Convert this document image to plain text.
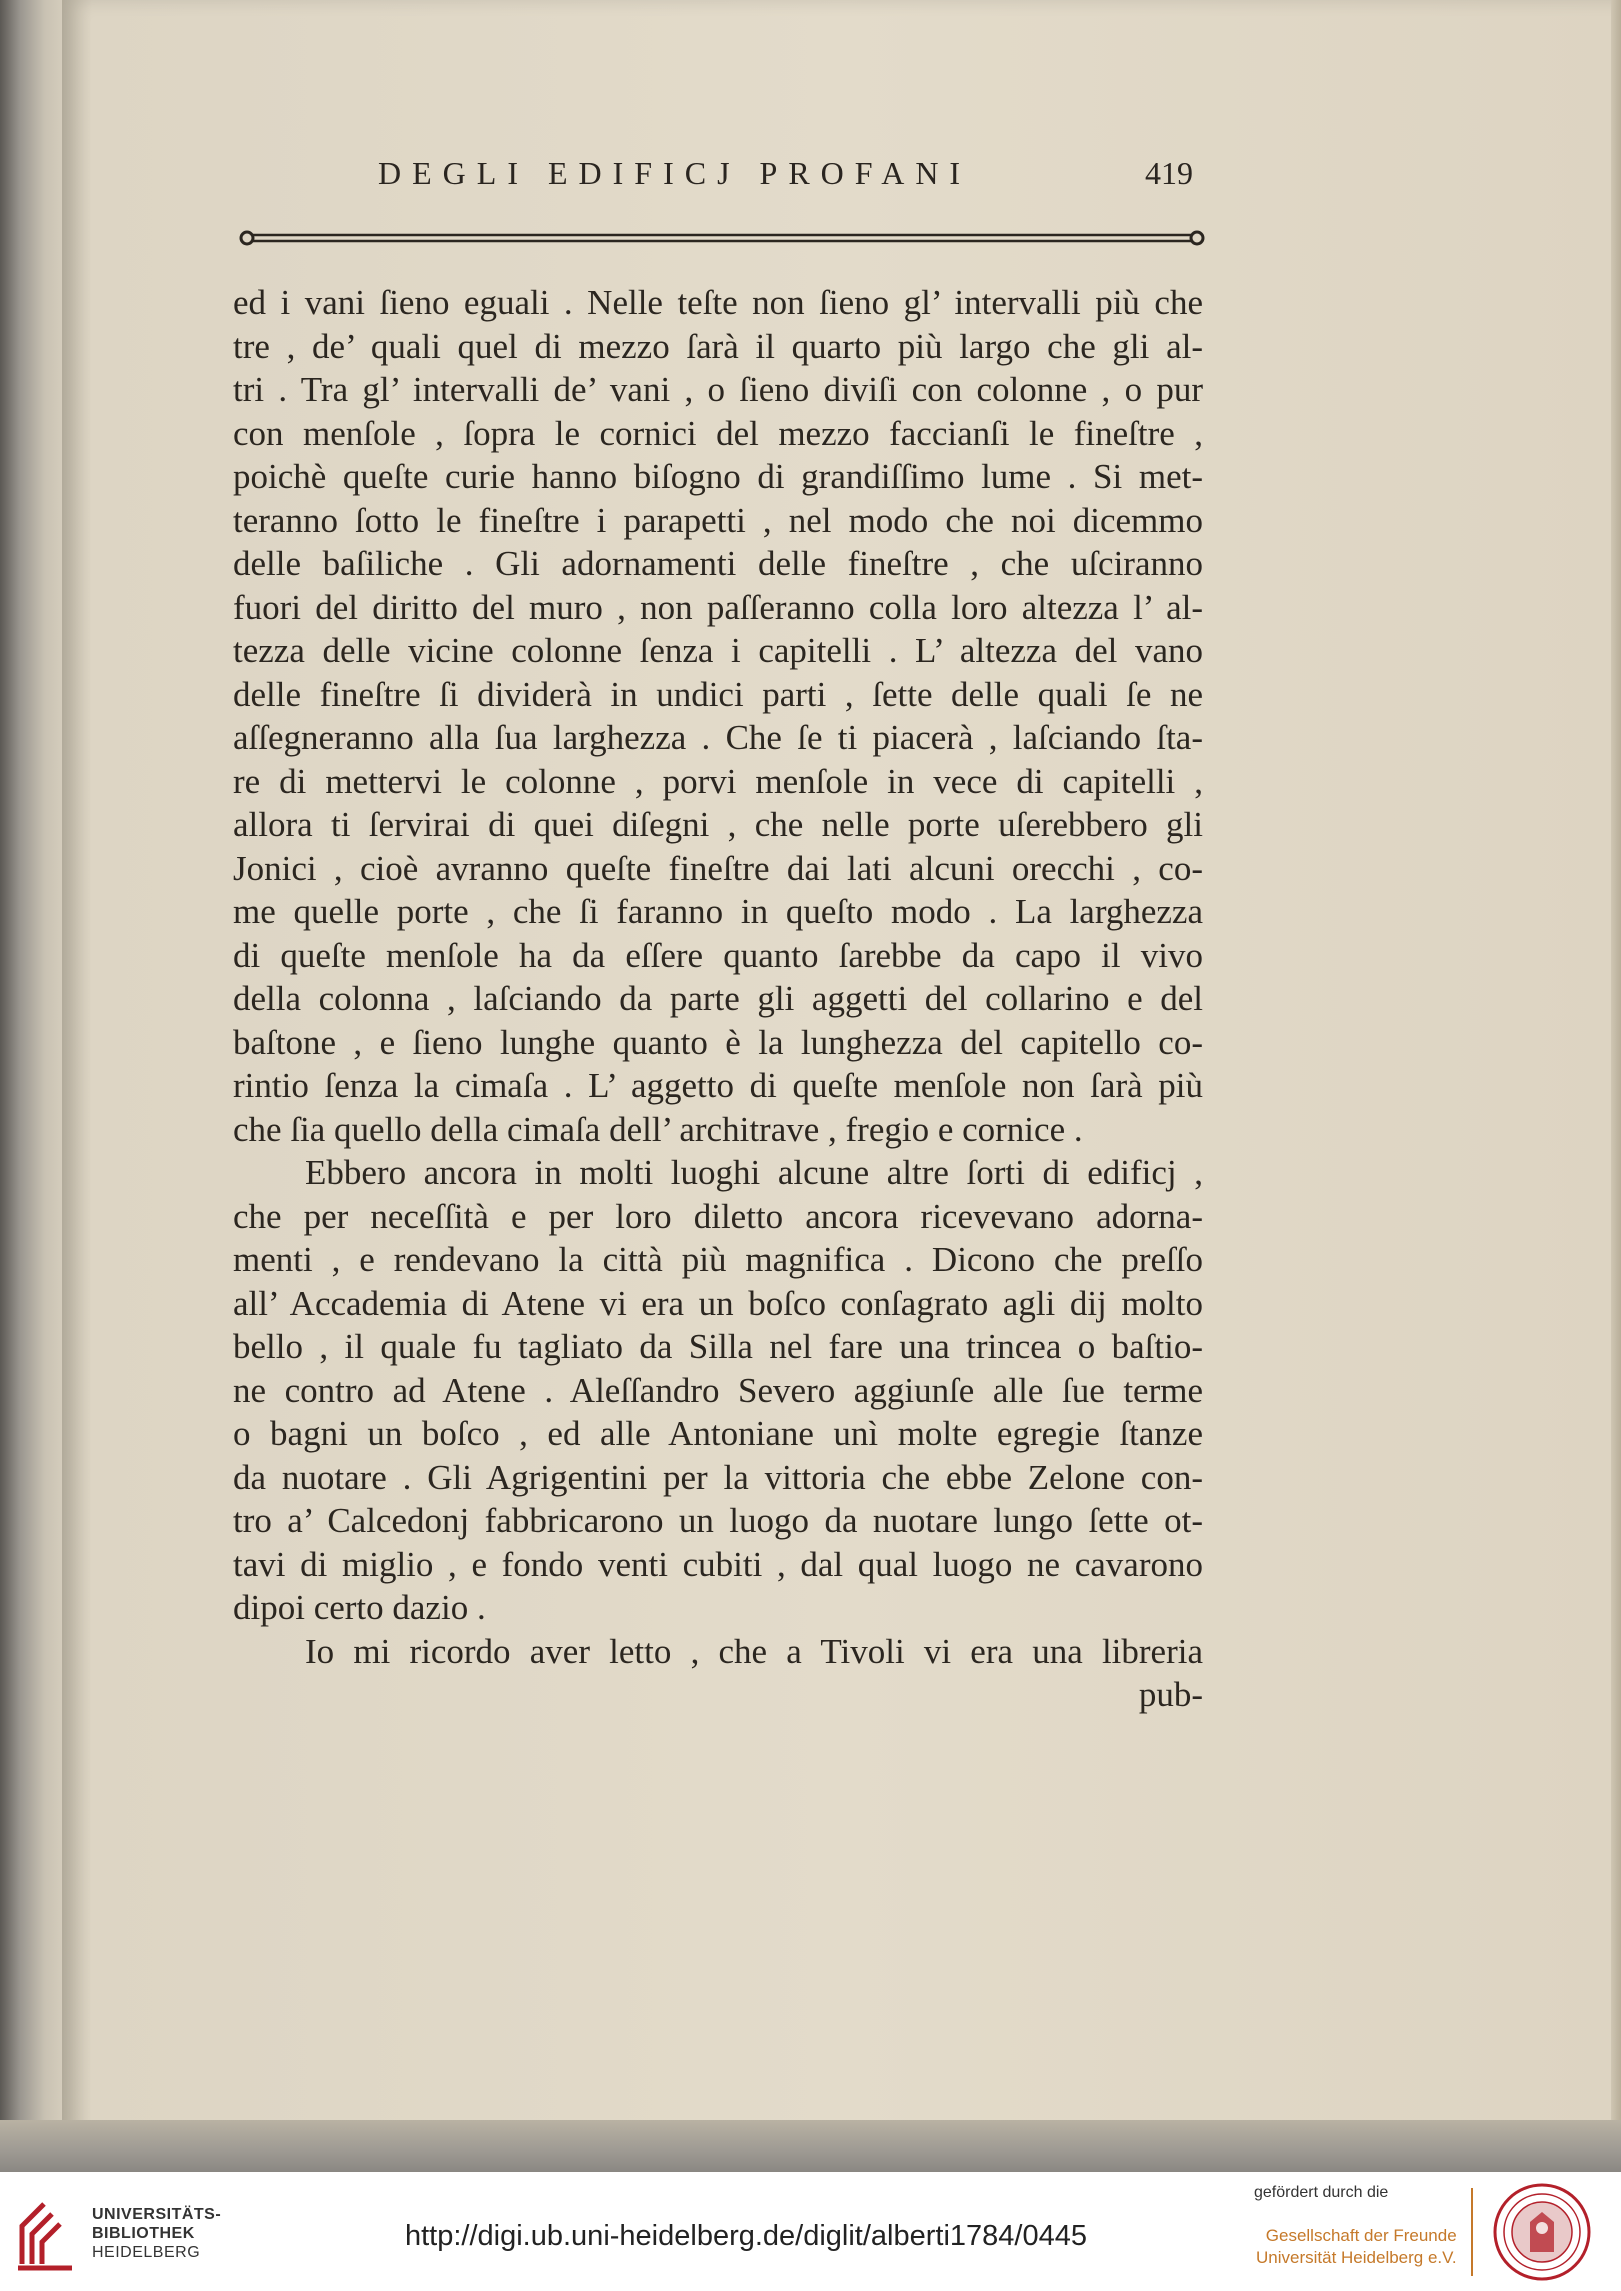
DEGLI EDIFICJ PROFANI	419
ed i vani ſieno eguali . Nelle teſte non ſieno gl’ intervalli più che
tre , de’ quali quel di mezzo ſarà il quarto più largo che gli al-
tri . Tra gl’ intervalli de’ vani , o ſieno diviſi con colonne , o pur
con menſole , ſopra le cornici del mezzo faccianſi le fineſtre ,
poichè queſte curie hanno biſogno di grandiſſimo lume . Si met-
teranno ſotto le fineſtre i parapetti , nel modo che noi dicemmo
delle baſiliche . Gli adornamenti delle fineſtre , che uſciranno
fuori del diritto del muro , non paſſeranno colla loro altezza l’ al-
tezza delle vicine colonne ſenza i capitelli . L’ altezza del vano
delle fineſtre ſi dividerà in undici parti , ſette delle quali ſe ne
aſſegneranno alla ſua larghezza . Che ſe ti piacerà , laſciando ſta-
re di mettervi le colonne , porvi menſole in vece di capitelli ,
allora ti ſervirai di quei diſegni , che nelle porte uſerebbero gli
Jonici , cioè avranno queſte fineſtre dai lati alcuni orecchi , co-
me quelle porte , che ſi faranno in queſto modo . La larghezza
di queſte menſole ha da eſſere quanto ſarebbe da capo il vivo
della colonna , laſciando da parte gli aggetti del collarino e del
baſtone , e ſieno lunghe quanto è la lunghezza del capitello co-
rintio ſenza la cimaſa . L’ aggetto di queſte menſole non ſarà più
che ſia quello della cimaſa dell’ architrave , fregio e cornice .
Ebbero ancora in molti luoghi alcune altre ſorti di edificj ,
che per neceſſità e per loro diletto ancora ricevevano adorna-
menti , e rendevano la città più magnifica . Dicono che preſſo
all’ Accademia di Atene vi era un boſco conſagrato agli dij molto
bello , il quale fu tagliato da Silla nel fare una trincea o baſtio-
ne contro ad Atene . Aleſſandro Severo aggiunſe alle ſue terme
o bagni un boſco , ed alle Antoniane unì molte egregie ſtanze
da nuotare . Gli Agrigentini per la vittoria che ebbe Zelone con-
tro a’ Calcedonj fabbricarono un luogo da nuotare lungo ſette ot-
tavi di miglio , e fondo venti cubiti , dal qual luogo ne cavarono
dipoi certo dazio .
Io mi ricordo aver letto , che a Tivoli vi era una libreria
pub-
UNIVERSITÄTS-
BIBLIOTHEK
HEIDELBERG
http://digi.ub.uni-heidelberg.de/diglit/alberti1784/0445
gefördert durch die
Gesellschaft der Freunde
Universität Heidelberg e.V.
